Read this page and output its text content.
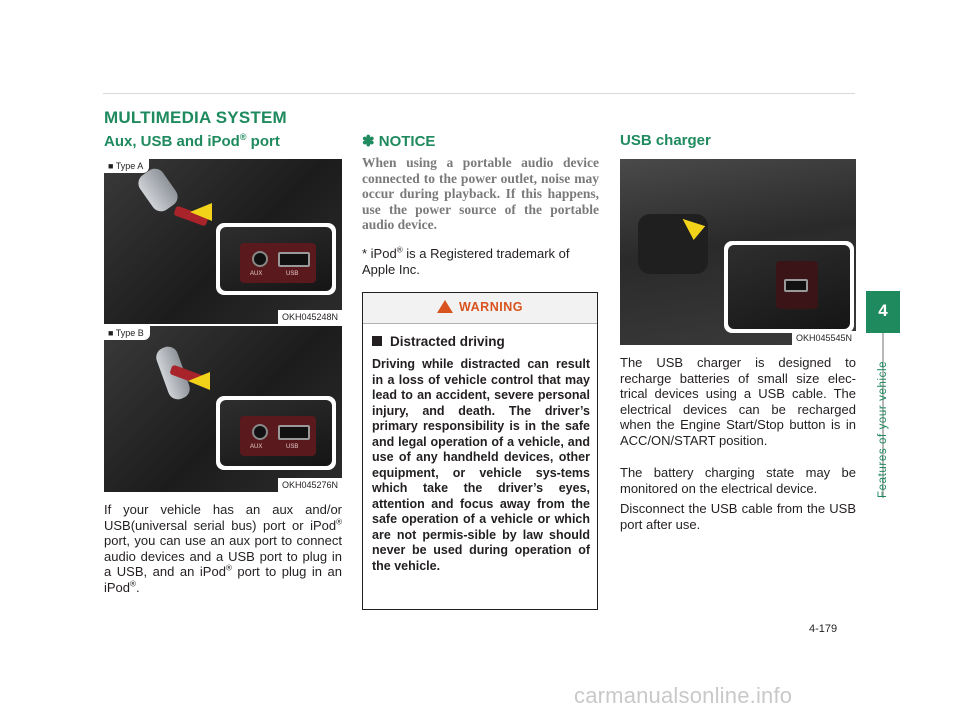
MULTIMEDIA SYSTEM
Aux, USB and iPod® port
AUX	USB
■ Type A
OKH045248N
AUX	USB
■ Type B
OKH045276N
If your vehicle has an aux and/or USB(universal serial bus) port or iPod® port, you can use an aux port to connect audio devices and a USB port to plug in a USB, and an iPod® port to plug in an iPod®.
✽ NOTICE
When using a portable audio device connected to the power outlet, noise may occur during playback. If this happens, use the power source of the portable audio device.
* iPod® is a Registered trademark of Apple Inc.
WARNING
Distracted driving
Driving while distracted can result in a loss of vehicle control that may lead to an accident, severe personal injury, and death. The driver’s primary responsibility is in the safe and legal operation of a vehicle, and use of any handheld devices, other equipment, or vehicle sys-tems which take the driver’s eyes, attention and focus away from the safe operation of a vehicle or which are not permis-sible by law should never be used during operation of the vehicle.
USB charger
OKH045545N
The USB charger is designed to recharge batteries of small size elec-trical devices using a USB cable. The electrical devices can be recharged when the Engine Start/Stop button is in ACC/ON/START position.
The battery charging state may be monitored on the electrical device.
Disconnect the USB cable from the USB port after use.
4
Features of your vehicle
4-179
carmanualsonline.info
